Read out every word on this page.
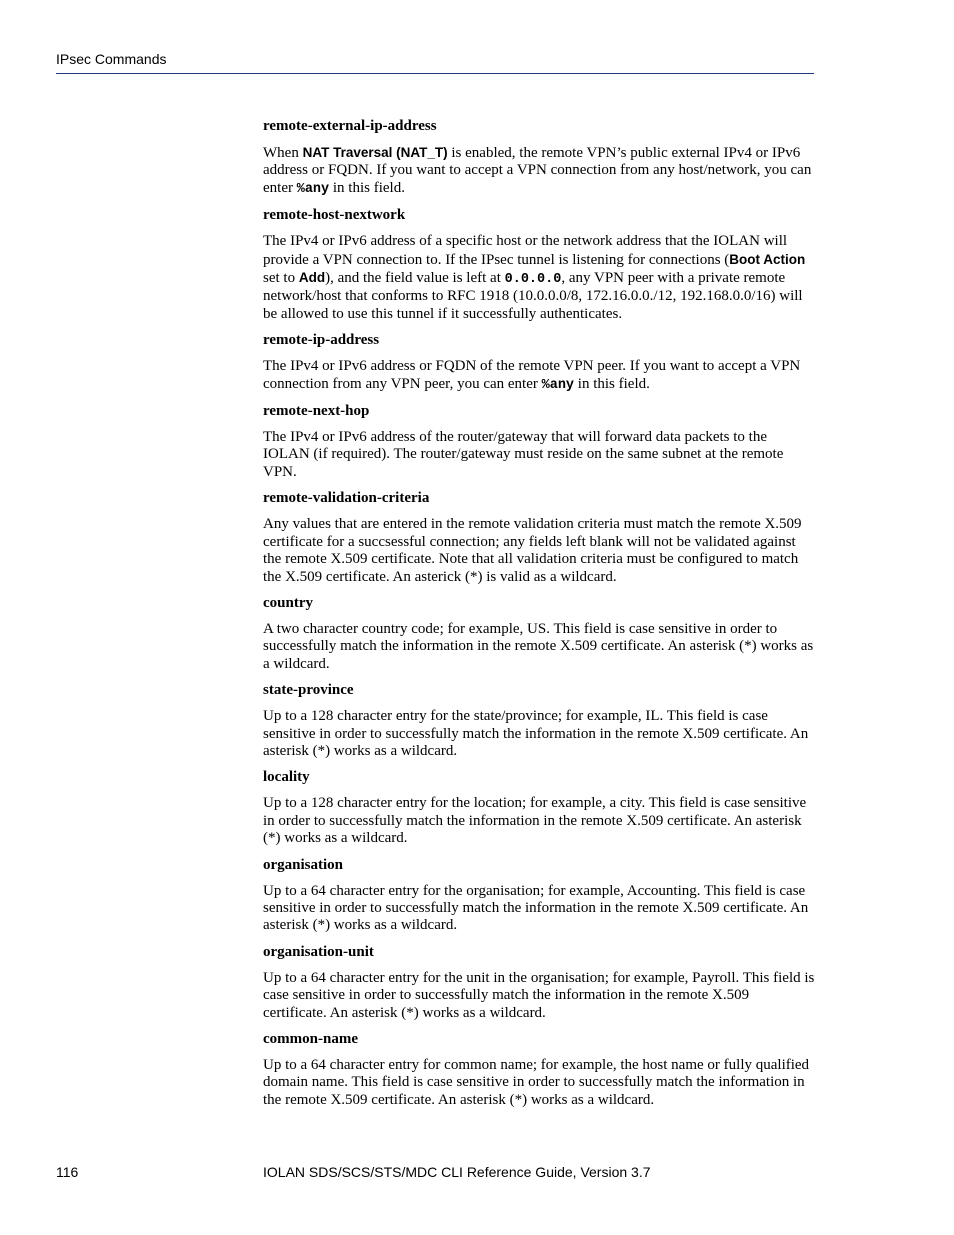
IPsec Commands
remote-external-ip-address
When NAT Traversal (NAT_T) is enabled, the remote VPN’s public external IPv4 or IPv6 address or FQDN. If you want to accept a VPN connection from any host/network, you can enter %any in this field.
remote-host-nextwork
The IPv4 or IPv6 address of a specific host or the network address that the IOLAN will provide a VPN connection to. If the IPsec tunnel is listening for connections (Boot Action set to Add), and the field value is left at 0.0.0.0, any VPN peer with a private remote network/host that conforms to RFC 1918 (10.0.0.0/8, 172.16.0.0./12, 192.168.0.0/16) will be allowed to use this tunnel if it successfully authenticates.
remote-ip-address
The IPv4 or IPv6 address or FQDN of the remote VPN peer. If you want to accept a VPN connection from any VPN peer, you can enter %any in this field.
remote-next-hop
The IPv4 or IPv6 address of the router/gateway that will forward data packets to the IOLAN (if required). The router/gateway must reside on the same subnet at the remote VPN.
remote-validation-criteria
Any values that are entered in the remote validation criteria must match the remote X.509 certificate for a succsessful connection; any fields left blank will not be validated against the remote X.509 certificate. Note that all validation criteria must be configured to match the X.509 certificate. An asterick (*) is valid as a wildcard.
country
A two character country code; for example, US. This field is case sensitive in order to successfully match the information in the remote X.509 certificate. An asterisk (*) works as a wildcard.
state-province
Up to a 128 character entry for the state/province; for example, IL. This field is case sensitive in order to successfully match the information in the remote X.509 certificate. An asterisk (*) works as a wildcard.
locality
Up to a 128 character entry for the location; for example, a city. This field is case sensitive in order to successfully match the information in the remote X.509 certificate. An asterisk (*) works as a wildcard.
organisation
Up to a 64 character entry for the organisation; for example, Accounting. This field is case sensitive in order to successfully match the information in the remote X.509 certificate. An asterisk (*) works as a wildcard.
organisation-unit
Up to a 64 character entry for the unit in the organisation; for example, Payroll. This field is case sensitive in order to successfully match the information in the remote X.509 certificate. An asterisk (*) works as a wildcard.
common-name
Up to a 64 character entry for common name; for example, the host name or fully qualified domain name. This field is case sensitive in order to successfully match the information in the remote X.509 certificate. An asterisk (*) works as a wildcard.
116	IOLAN SDS/SCS/STS/MDC CLI Reference Guide, Version 3.7
